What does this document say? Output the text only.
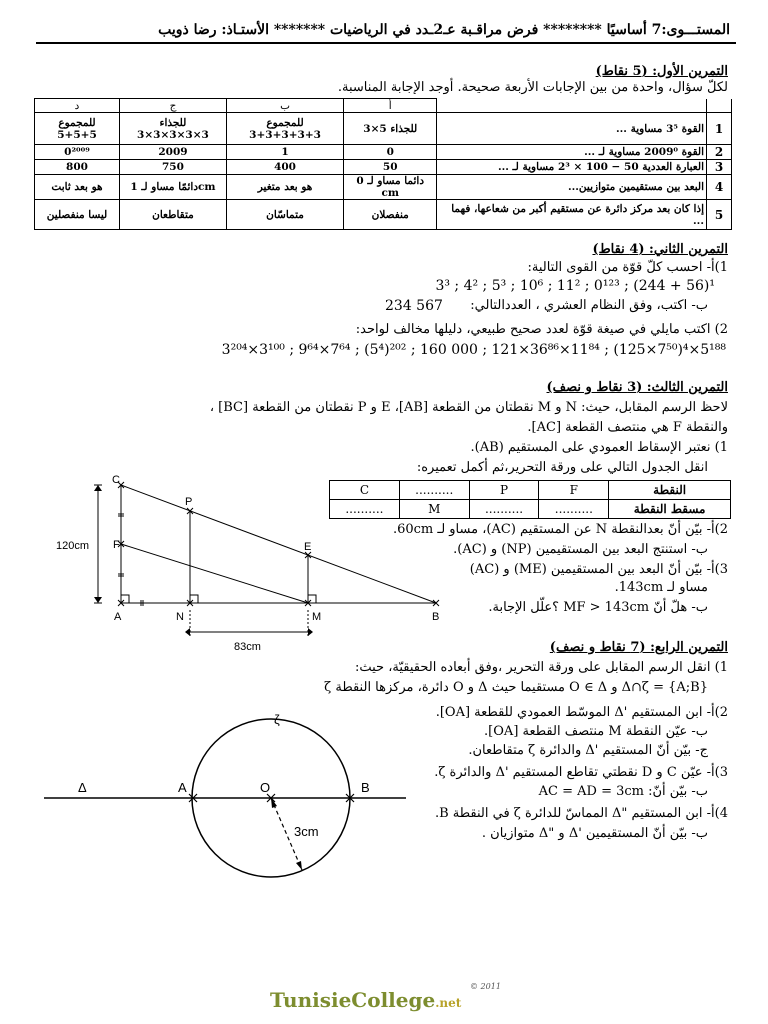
المستـــوى:7 أساسيًا ******** فرض مراقـبة عـ2ـدد في الرياضيات ******* الأستـاذ: رضا ذويب
التمرين الأول: (5 نقاط)
لكلّ سؤال، واحدة من بين الإجابات الأربعة صحيحة. أوجد الإجابة المناسبة.
د	ج	ب	أ		
للمجموع 5+5+5	للجذاء 3×3×3×3×3	للمجموع 3+3+3+3+3	للجذاء 5×3	القوة 3⁵ مساوية ...	1
0²⁰⁰⁹	2009	1	0	القوة 2009⁰ مساوية لـ ...	2
800	750	400	50	العبارة العددية 50 − 100 × 2³ مساوية لـ ...	3
هو بعد ثابت	دائمًا مساو لـ 1cm	هو بعد متغير	دائما مساو لـ 0 cm	البعد بين مستقيمين متوازيين...	4
ليسا منفصلين	متقاطعان	متماسّان	منفصلان	إذا كان بعد مركز دائرة عن مستقيم أكبر من شعاعها، فهما ...	5
التمرين الثاني: (4 نقاط)
1)أ- احسب كلّ قوّة من القوى التالية:
3³ ; 4² ; 5³ ; 10⁶ ; 11² ; 0¹²³ ; (244 + 56)¹
ب- اكتب، وفق النظام العشري ، العددالتالي:
234 567
2) اكتب مايلي في صيغة قوّة لعدد صحيح طبيعي، دليلها مخالف لواحد:
3²⁰⁴×3¹⁰⁰ ; 9⁶⁴×7⁶⁴ ; (5⁴)²⁰² ; 160 000 ; 121×36⁸⁶×11⁸⁴ ; (125×7⁵⁰)⁴×5¹⁸⁸
التمرين الثالث: (3 نقاط و نصف)
لاحظ الرسم المقابل، حيث: N و M نقطتان من القطعة [AB]، E و P نقطتان من القطعة [BC] ،
والنقطة F هي منتصف القطعة [AC].
1) نعتبر الإسقاط العمودي على المستقيم (AB).
انقل الجدول التالي على ورقة التحرير،ثم أكمل تعميره:
C	..........	P	F	النقطة
..........	M	..........	..........	مسقط النقطة
2)أ- بيّن أنّ بعدالنقطة N عن المستقيم (AC)، مساو لـ 60cm.
ب- استنتج البعد بين المستقيمين (NP) و (AC).
3)أ- بيّن أنّ البعد بين المستقيمين (ME) و (AC)
مساو لـ 143cm.
ب- هلّ أنّ MF > 143cm ؟علّل الإجابة.
C
P
F	E
A	N	M	B
120cm
83cm	التمرين الرابع: (7 نقاط و نصف)
1) انقل الرسم المقابل على ورقة التحرير ،وفق أبعاده الحقيقيّة، حيث:
ζ دائرة، مركزها النقطة O و Δ مستقيما حيث O ∈ Δ و Δ∩ζ = {A;B}
2)أ- ابن المستقيم 'Δ الموسّط العمودي للقطعة [OA].
ب- عيّن النقطة M منتصف القطعة [OA].
ج- بيّن أنّ المستقيم 'Δ والدائرة ζ متقاطعان.
3)أ- عيّن C و D نقطتي تقاطع المستقيم 'Δ والدائرة ζ.
ب- بيّن أنّ: AC = AD = 3cm
4)أ- ابن المستقيم "Δ المماسّ للدائرة ζ في النقطة B.
ب- بيّن أنّ المستقيمين 'Δ و "Δ متوازيان .
ζ
Δ	A	O	B
3cm
TunisieCollege.net
© 2011
